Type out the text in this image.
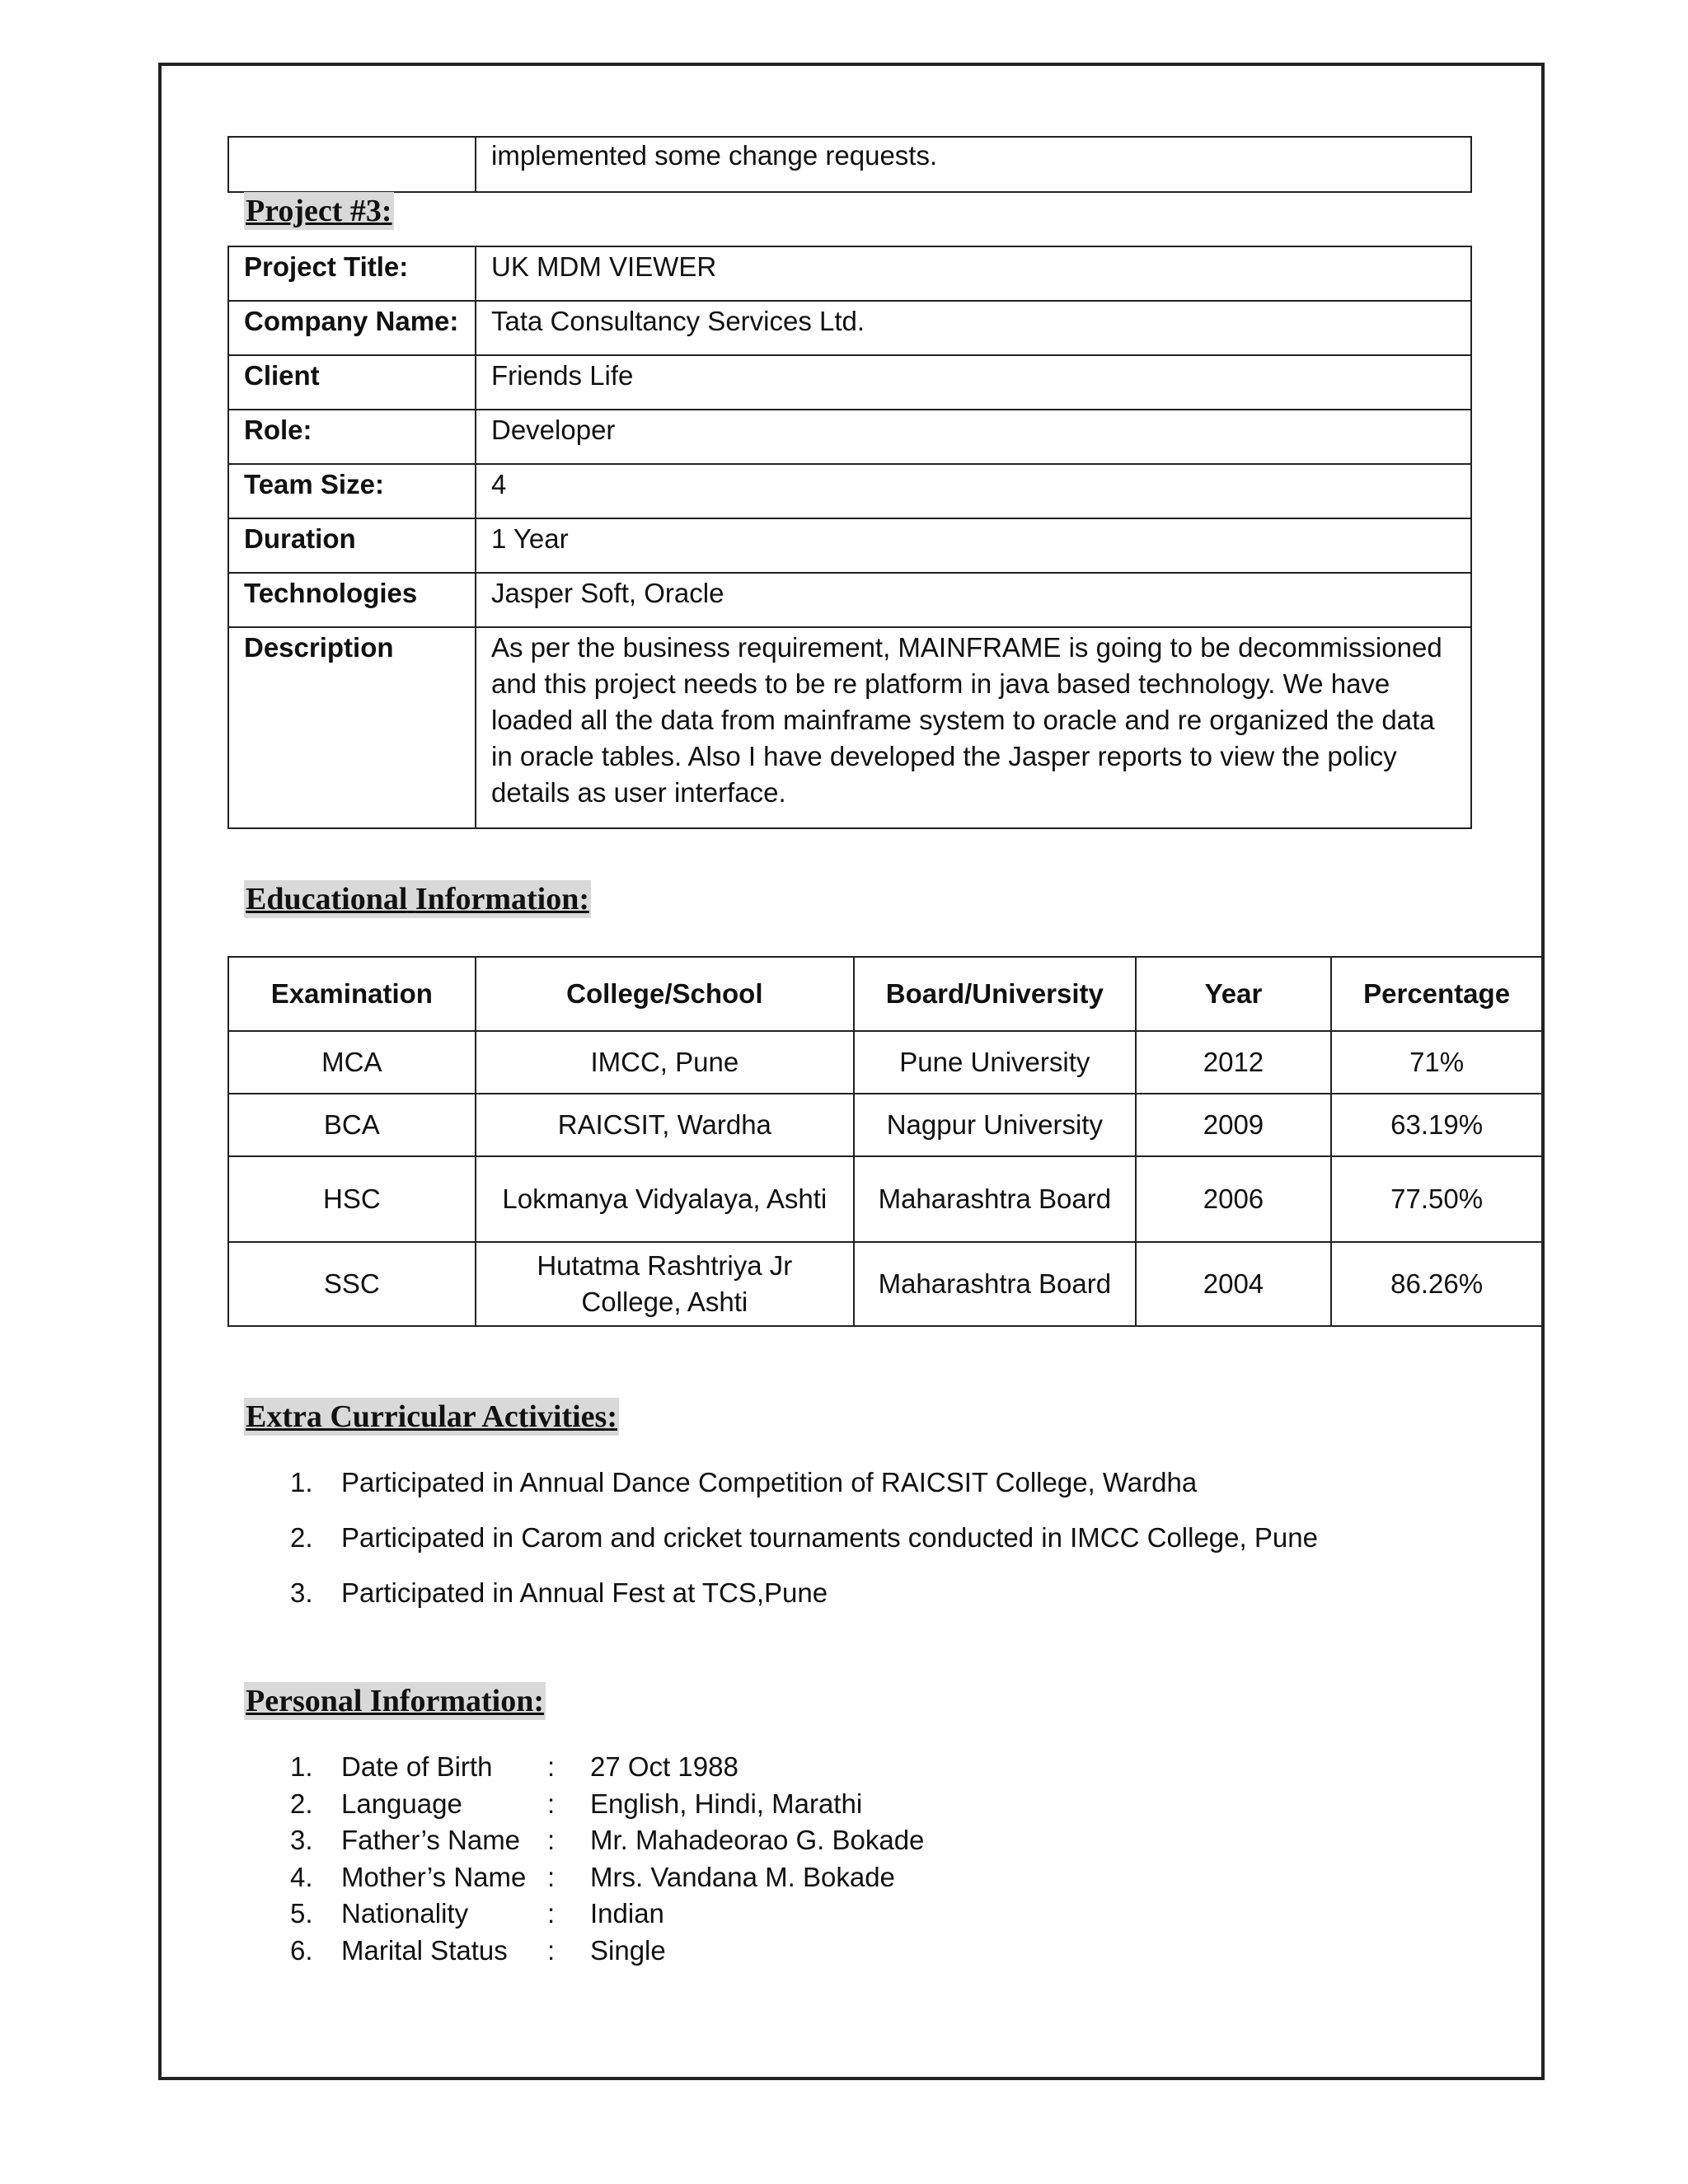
	implemented some change requests.
Project #3:
Project Title:	UK MDM VIEWER
Company Name:	Tata Consultancy Services Ltd.
Client	Friends Life
Role:	Developer
Team Size:	4
Duration	1 Year
Technologies	Jasper Soft, Oracle
Description	As per the business requirement, MAINFRAME is going to be decommissioned and this project needs to be re platform in java based technology. We have loaded all the data from mainframe system to oracle and re organized the data in oracle tables. Also I have developed the Jasper reports to view the policy details as user interface.
Educational Information:
Examination	College/School	Board/University	Year	Percentage
MCA	IMCC, Pune	Pune University	2012	71%
BCA	RAICSIT, Wardha	Nagpur University	2009	63.19%
HSC	Lokmanya Vidyalaya, Ashti	Maharashtra Board	2006	77.50%
SSC	Hutatma Rashtriya Jr College, Ashti	Maharashtra Board	2004	86.26%
Extra Curricular Activities:
1. Participated in Annual Dance Competition of RAICSIT College, Wardha
2. Participated in Carom and cricket tournaments conducted in IMCC College, Pune
3. Participated in Annual Fest at TCS,Pune
Personal Information:
1. Date of Birth : 27 Oct 1988
2. Language	: English, Hindi, Marathi
3. Father’s Name : Mr. Mahadeorao G. Bokade
4. Mother’s Name : Mrs. Vandana M. Bokade
5. Nationality	: Indian
6. Marital Status : Single
